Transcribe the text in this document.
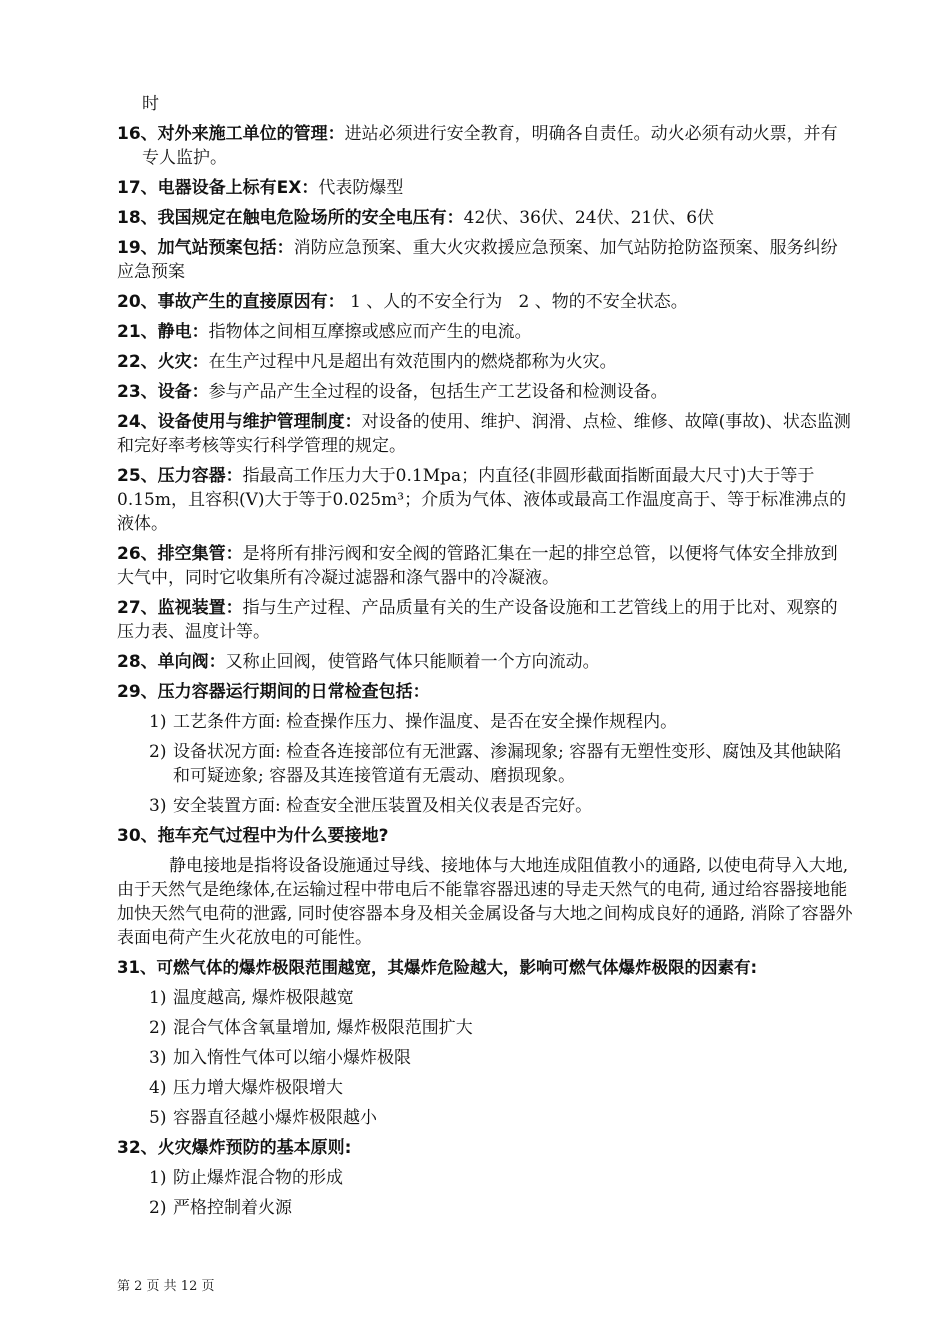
时
16、对外来施工单位的管理：进站必须进行安全教育，明确各自责任。动火必须有动火票，并有专人监护。
17、电器设备上标有EX：代表防爆型
18、我国规定在触电危险场所的安全电压有：42伏、36伏、24伏、21伏、6伏
19、加气站预案包括：消防应急预案、重大火灾救援应急预案、加气站防抢防盗预案、服务纠纷应急预案
20、事故产生的直接原因有： 1 、人的不安全行为   2 、物的不安全状态。
21、静电：指物体之间相互摩擦或感应而产生的电流。
22、火灾：在生产过程中凡是超出有效范围内的燃烧都称为火灾。
23、设备：参与产品产生全过程的设备，包括生产工艺设备和检测设备。
24、设备使用与维护管理制度：对设备的使用、维护、润滑、点检、维修、故障(事故)、状态监测和完好率考核等实行科学管理的规定。
25、压力容器：指最高工作压力大于0.1Mpa；内直径(非圆形截面指断面最大尺寸)大于等于0.15m，且容积(V)大于等于0.025m³；介质为气体、液体或最高工作温度高于、等于标准沸点的液体。
26、排空集管：是将所有排污阀和安全阀的管路汇集在一起的排空总管，以便将气体安全排放到大气中，同时它收集所有冷凝过滤器和涤气器中的冷凝液。
27、监视装置：指与生产过程、产品质量有关的生产设备设施和工艺管线上的用于比对、观察的压力表、温度计等。
28、单向阀：又称止回阀，使管路气体只能顺着一个方向流动。
29、压力容器运行期间的日常检查包括：
1) 工艺条件方面: 检查操作压力、操作温度、是否在安全操作规程内。
2) 设备状况方面: 检查各连接部位有无泄露、渗漏现象; 容器有无塑性变形、腐蚀及其他缺陷和可疑迹象; 容器及其连接管道有无震动、磨损现象。
3) 安全装置方面: 检查安全泄压装置及相关仪表是否完好。
30、拖车充气过程中为什么要接地?
静电接地是指将设备设施通过导线、接地体与大地连成阻值教小的通路, 以使电荷导入大地, 由于天然气是绝缘体,在运输过程中带电后不能靠容器迅速的导走天然气的电荷, 通过给容器接地能加快天然气电荷的泄露, 同时使容器本身及相关金属设备与大地之间构成良好的通路, 消除了容器外表面电荷产生火花放电的可能性。
31、可燃气体的爆炸极限范围越宽，其爆炸危险越大，影响可燃气体爆炸极限的因素有:
1) 温度越高, 爆炸极限越宽
2) 混合气体含氧量增加, 爆炸极限范围扩大
3) 加入惰性气体可以缩小爆炸极限
4) 压力增大爆炸极限增大
5) 容器直径越小爆炸极限越小
32、火灾爆炸预防的基本原则:
1) 防止爆炸混合物的形成
2) 严格控制着火源
第 2 页 共 12 页
